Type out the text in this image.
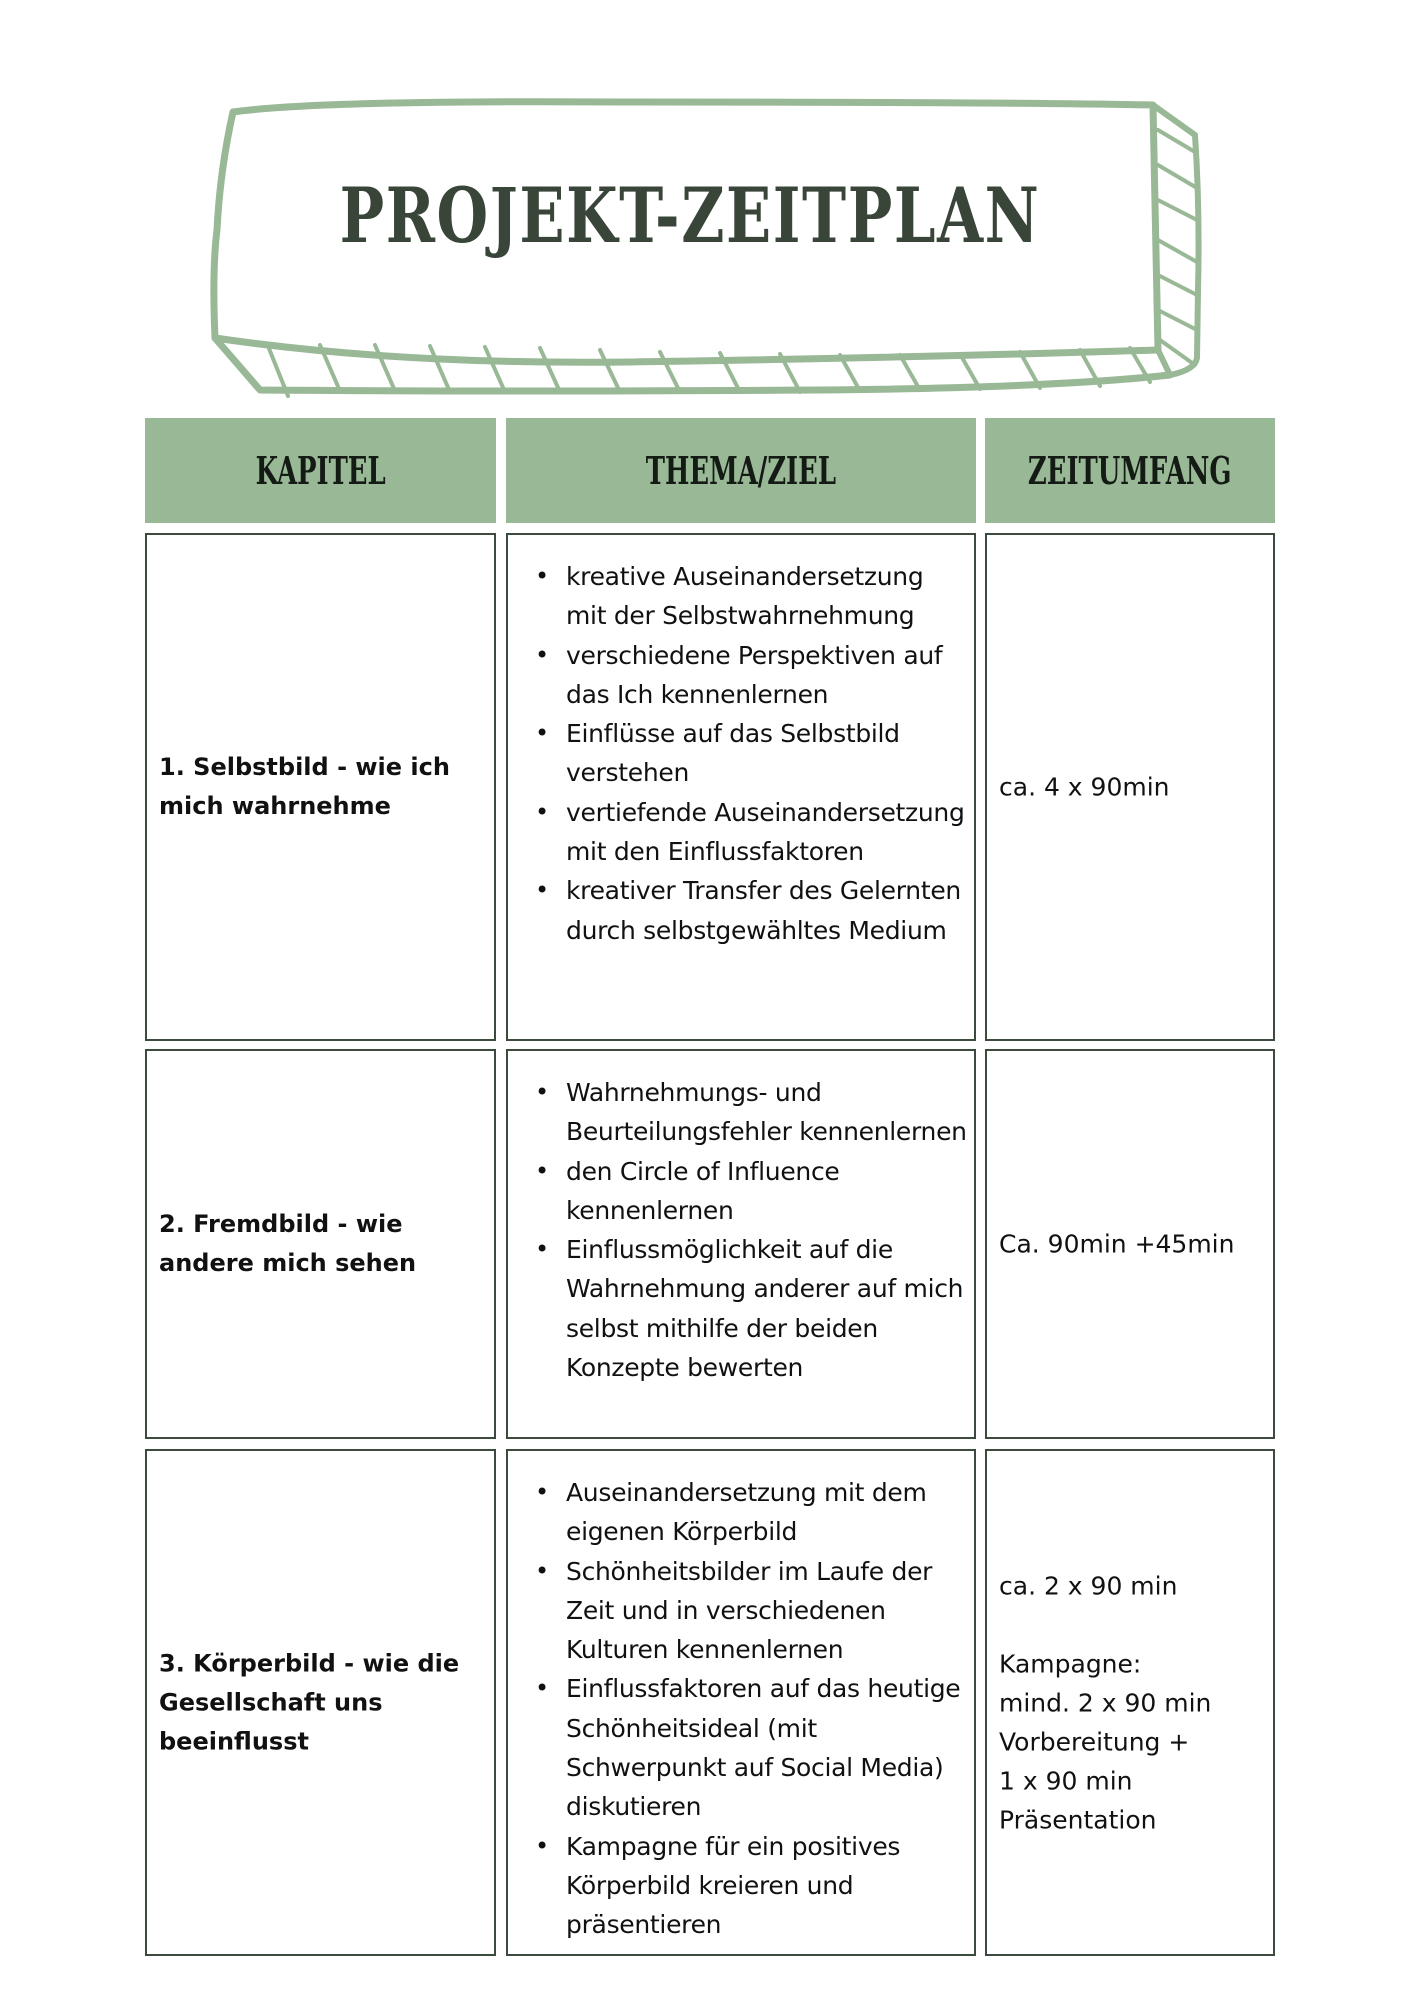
PROJEKT-ZEITPLAN
KAPITEL	THEMA/ZIEL	ZEITUMFANG
1. Selbstbild - wie ich mich wahrnehme
• kreative Auseinandersetzung mit der Selbstwahrnehmung
• verschiedene Perspektiven auf das Ich kennenlernen
• Einflüsse auf das Selbstbild verstehen
• vertiefende Auseinandersetzung mit den Einflussfaktoren
• kreativer Transfer des Gelernten durch selbstgewähltes Medium
ca. 4 x 90min
2. Fremdbild - wie andere mich sehen
• Wahrnehmungs- und Beurteilungsfehler kennenlernen
• den Circle of Influence kennenlernen
• Einflussmöglichkeit auf die Wahrnehmung anderer auf mich selbst mithilfe der beiden Konzepte bewerten
Ca. 90min +45min
3. Körperbild - wie die Gesellschaft uns beeinflusst
• Auseinandersetzung mit dem eigenen Körperbild
• Schönheitsbilder im Laufe der Zeit und in verschiedenen Kulturen kennenlernen
• Einflussfaktoren auf das heutige Schönheitsideal (mit Schwerpunkt auf Social Media) diskutieren
• Kampagne für ein positives Körperbild kreieren und präsentieren
ca. 2 x 90 min

Kampagne:
mind. 2 x 90 min
Vorbereitung +
1 x 90 min
Präsentation
